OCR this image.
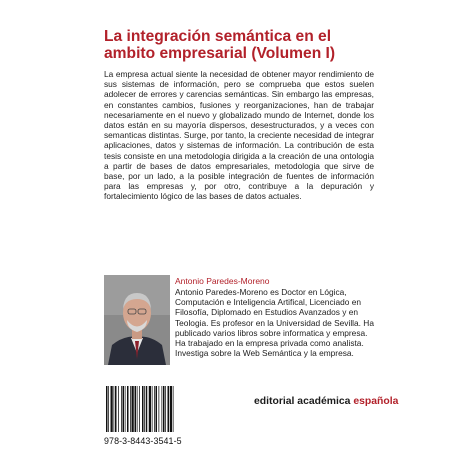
La integración semántica en el ambito empresarial (Volumen I)

La empresa actual siente la necesidad de obtener mayor rendimiento de sus sistemas de información, pero se comprueba que estos suelen adolecer de errores y carencias semánticas. Sin embargo las empresas, en constantes cambios, fusiones y reorganizaciones, han de trabajar necesariamente en el nuevo y globalizado mundo de Internet, donde los datos están en su mayoría dispersos, desestructurados, y a veces con semanticas distintas. Surge, por tanto, la creciente necesidad de integrar aplicaciones, datos y sistemas de información. La contribución de esta tesis consiste en una metodologia dirigida a la creación de una ontologia a partir de bases de datos empresariales, metodologia que sirve de base, por un lado, a la posible integración de fuentes de información para las empresas y, por otro, contribuye a la depuración y fortalecimiento lógico de las bases de datos actuales.

Antonio Paredes-Moreno

Antonio Paredes-Moreno es Doctor en Lógica, Computación e Inteligencia Artifical, Licenciado en Filosofía, Diplomado en Estudios Avanzados y en Teologia. Es profesor en la Universidad de Sevilla. Ha publicado varios libros sobre informatica y empresa. Ha trabajado en la empresa privada como analista. Investiga sobre la Web Semántica y la empresa.

editorial académica española
978-3-8443-3541-5
